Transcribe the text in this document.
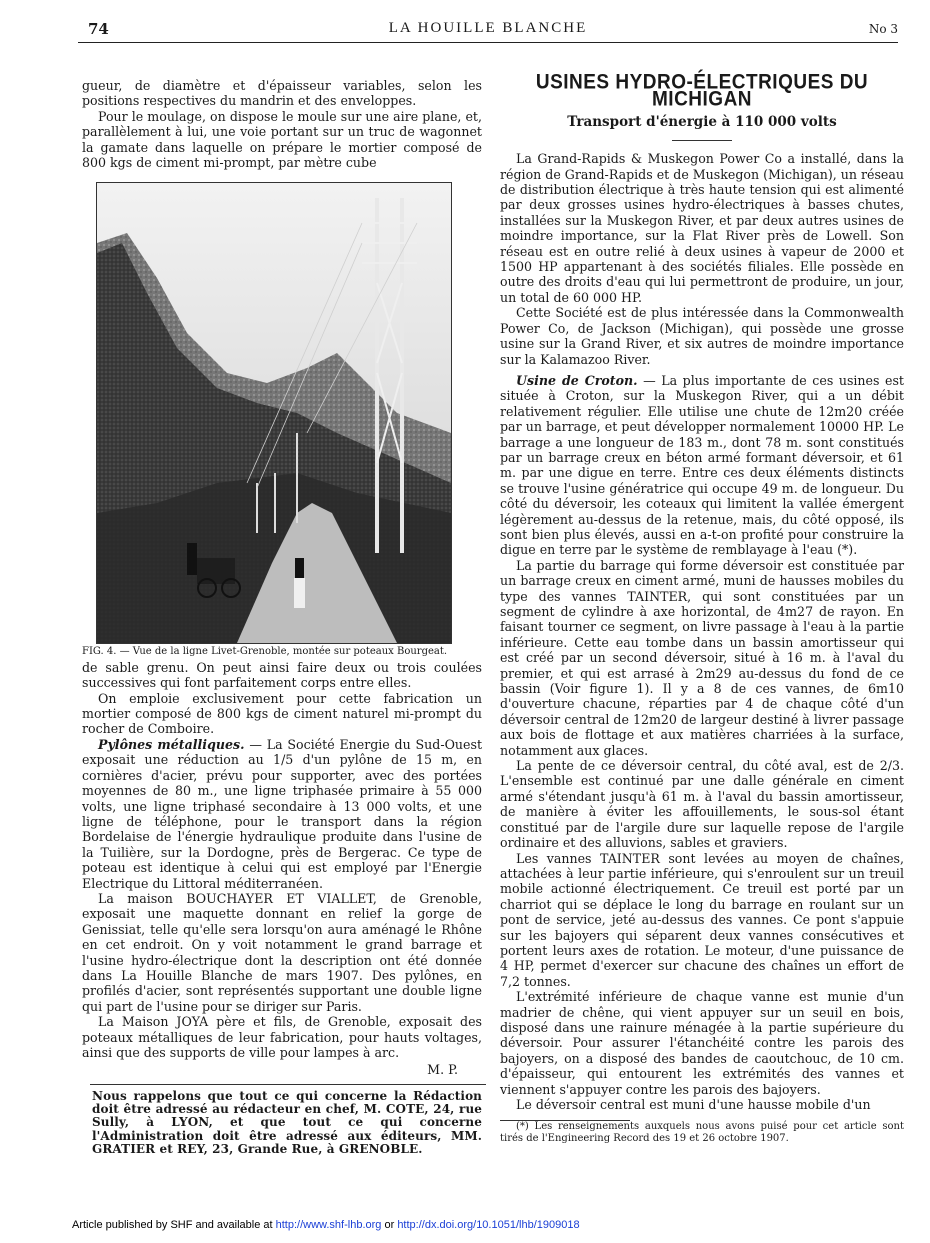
74	LA HOUILLE BLANCHE	No 3

gueur, de diamètre et d'épaisseur variables, selon les positions respectives du mandrin et des enveloppes.

Pour le moulage, on dispose le moule sur une aire plane, et, parallèlement à lui, une voie portant sur un truc de wagonnet la gamate dans laquelle on prépare le mortier composé de 800 kgs de ciment mi-prompt, par mètre cube

FIG. 4. — Vue de la ligne Livet-Grenoble, montée sur poteaux Bourgeat.

de sable grenu. On peut ainsi faire deux ou trois coulées successives qui font parfaitement corps entre elles.

On emploie exclusivement pour cette fabrication un mortier composé de 800 kgs de ciment naturel mi-prompt du rocher de Comboire.

Pylônes métalliques. — La Société Energie du Sud-Ouest exposait une réduction au 1/5 d'un pylône de 15 m, en cornières d'acier, prévu pour supporter, avec des portées moyennes de 80 m., une ligne triphasée primaire à 55 000 volts, une ligne triphasé secondaire à 13 000 volts, et une ligne de téléphone, pour le transport dans la région Bordelaise de l'énergie hydraulique produite dans l'usine de la Tuilière, sur la Dordogne, près de Bergerac. Ce type de poteau est identique à celui qui est employé par l'Energie Electrique du Littoral méditerranéen.

La maison BOUCHAYER ET VIALLET, de Grenoble, exposait une maquette donnant en relief la gorge de Genissiat, telle qu'elle sera lorsqu'on aura aménagé le Rhône en cet endroit. On y voit notamment le grand barrage et l'usine hydro-électrique dont la description ont été donnée dans La Houille Blanche de mars 1907. Des pylônes, en profilés d'acier, sont représentés supportant une double ligne qui part de l'usine pour se diriger sur Paris.

La Maison JOYA père et fils, de Grenoble, exposait des poteaux métalliques de leur fabrication, pour hauts voltages, ainsi que des supports de ville pour lampes à arc.

M. P.

Nous rappelons que tout ce qui concerne la Rédaction doit être adressé au rédacteur en chef, M. COTE, 24, rue Sully, à LYON, et que tout ce qui concerne l'Administration doit être adressé aux éditeurs, MM. GRATIER et REY, 23, Grande Rue, à GRENOBLE.

USINES HYDRO-ÉLECTRIQUES DU MICHIGAN
Transport d'énergie à 110 000 volts

La Grand-Rapids & Muskegon Power Co a installé, dans la région de Grand-Rapids et de Muskegon (Michigan), un réseau de distribution électrique à très haute tension qui est alimenté par deux grosses usines hydro-électriques à basses chutes, installées sur la Muskegon River, et par deux autres usines de moindre importance, sur la Flat River près de Lowell. Son réseau est en outre relié à deux usines à vapeur de 2000 et 1500 HP appartenant à des sociétés filiales. Elle possède en outre des droits d'eau qui lui permettront de produire, un jour, un total de 60 000 HP.

Cette Société est de plus intéressée dans la Commonwealth Power Co, de Jackson (Michigan), qui possède une grosse usine sur la Grand River, et six autres de moindre importance sur la Kalamazoo River.

Usine de Croton. — La plus importante de ces usines est située à Croton, sur la Muskegon River, qui a un débit relativement régulier. Elle utilise une chute de 12m20 créée par un barrage, et peut développer normalement 10000 HP. Le barrage a une longueur de 183 m., dont 78 m. sont constitués par un barrage creux en béton armé formant déversoir, et 61 m. par une digue en terre. Entre ces deux éléments distincts se trouve l'usine génératrice qui occupe 49 m. de longueur. Du côté du déversoir, les coteaux qui limitent la vallée émergent légèrement au-dessus de la retenue, mais, du côté opposé, ils sont bien plus élevés, aussi en a-t-on profité pour construire la digue en terre par le système de remblayage à l'eau (*).

La partie du barrage qui forme déversoir est constituée par un barrage creux en ciment armé, muni de hausses mobiles du type des vannes TAINTER, qui sont constituées par un segment de cylindre à axe horizontal, de 4m27 de rayon. En faisant tourner ce segment, on livre passage à l'eau à la partie inférieure. Cette eau tombe dans un bassin amortisseur qui est créé par un second déversoir, situé à 16 m. à l'aval du premier, et qui est arrasé à 2m29 au-dessus du fond de ce bassin (Voir figure 1). Il y a 8 de ces vannes, de 6m10 d'ouverture chacune, réparties par 4 de chaque côté d'un déversoir central de 12m20 de largeur destiné à livrer passage aux bois de flottage et aux matières charriées à la surface, notamment aux glaces.

La pente de ce déversoir central, du côté aval, est de 2/3. L'ensemble est continué par une dalle générale en ciment armé s'étendant jusqu'à 61 m. à l'aval du bassin amortisseur, de manière à éviter les affouillements, le sous-sol étant constitué par de l'argile dure sur laquelle repose de l'argile ordinaire et des alluvions, sables et graviers.

Les vannes TAINTER sont levées au moyen de chaînes, attachées à leur partie inférieure, qui s'enroulent sur un treuil mobile actionné électriquement. Ce treuil est porté par un charriot qui se déplace le long du barrage en roulant sur un pont de service, jeté au-dessus des vannes. Ce pont s'appuie sur les bajoyers qui séparent deux vannes consécutives et portent leurs axes de rotation. Le moteur, d'une puissance de 4 HP, permet d'exercer sur chacune des chaînes un effort de 7,2 tonnes.

L'extrémité inférieure de chaque vanne est munie d'un madrier de chêne, qui vient appuyer sur un seuil en bois, disposé dans une rainure ménagée à la partie supérieure du déversoir. Pour assurer l'étanchéité contre les parois des bajoyers, on a disposé des bandes de caoutchouc, de 10 cm. d'épaisseur, qui entourent les extrémités des vannes et viennent s'appuyer contre les parois des bajoyers.

Le déversoir central est muni d'une hausse mobile d'un

(*) Les renseignements auxquels nous avons puisé pour cet article sont tirés de l'Engineering Record des 19 et 26 octobre 1907.

Article published by SHF and available at http://www.shf-lhb.org or http://dx.doi.org/10.1051/lhb/1909018
